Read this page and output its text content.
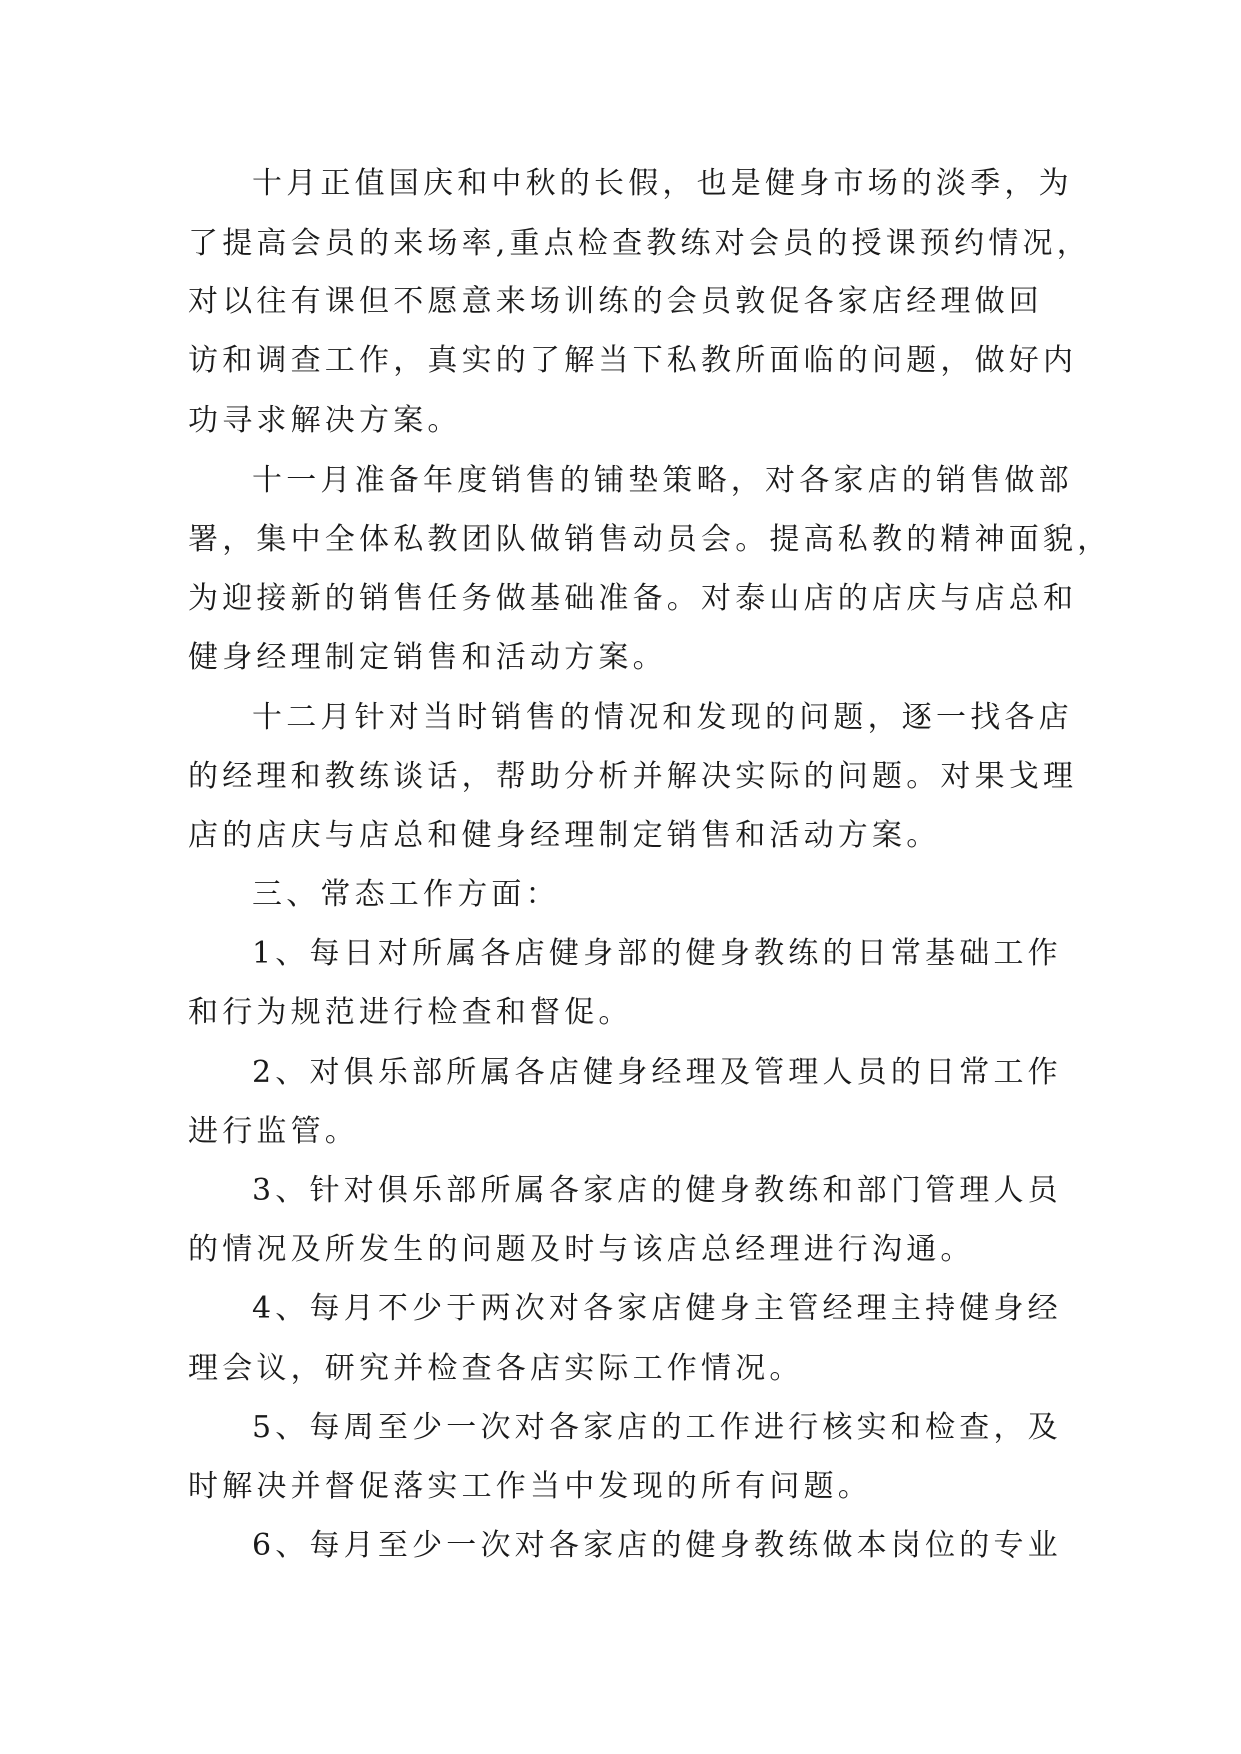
十月正值国庆和中秋的长假，也是健身市场的淡季，为

了提高会员的来场率,重点检查教练对会员的授课预约情况，

对以往有课但不愿意来场训练的会员敦促各家店经理做回

访和调查工作，真实的了解当下私教所面临的问题，做好内

功寻求解决方案。

十一月准备年度销售的铺垫策略，对各家店的销售做部

署，集中全体私教团队做销售动员会。提高私教的精神面貌，

为迎接新的销售任务做基础准备。对泰山店的店庆与店总和

健身经理制定销售和活动方案。

十二月针对当时销售的情况和发现的问题，逐一找各店

的经理和教练谈话，帮助分析并解决实际的问题。对果戈理

店的店庆与店总和健身经理制定销售和活动方案。

三、常态工作方面：

1、每日对所属各店健身部的健身教练的日常基础工作

和行为规范进行检查和督促。

2、对俱乐部所属各店健身经理及管理人员的日常工作

进行监管。

3、针对俱乐部所属各家店的健身教练和部门管理人员

的情况及所发生的问题及时与该店总经理进行沟通。

4、每月不少于两次对各家店健身主管经理主持健身经

理会议，研究并检查各店实际工作情况。

5、每周至少一次对各家店的工作进行核实和检查，及

时解决并督促落实工作当中发现的所有问题。

6、每月至少一次对各家店的健身教练做本岗位的专业
